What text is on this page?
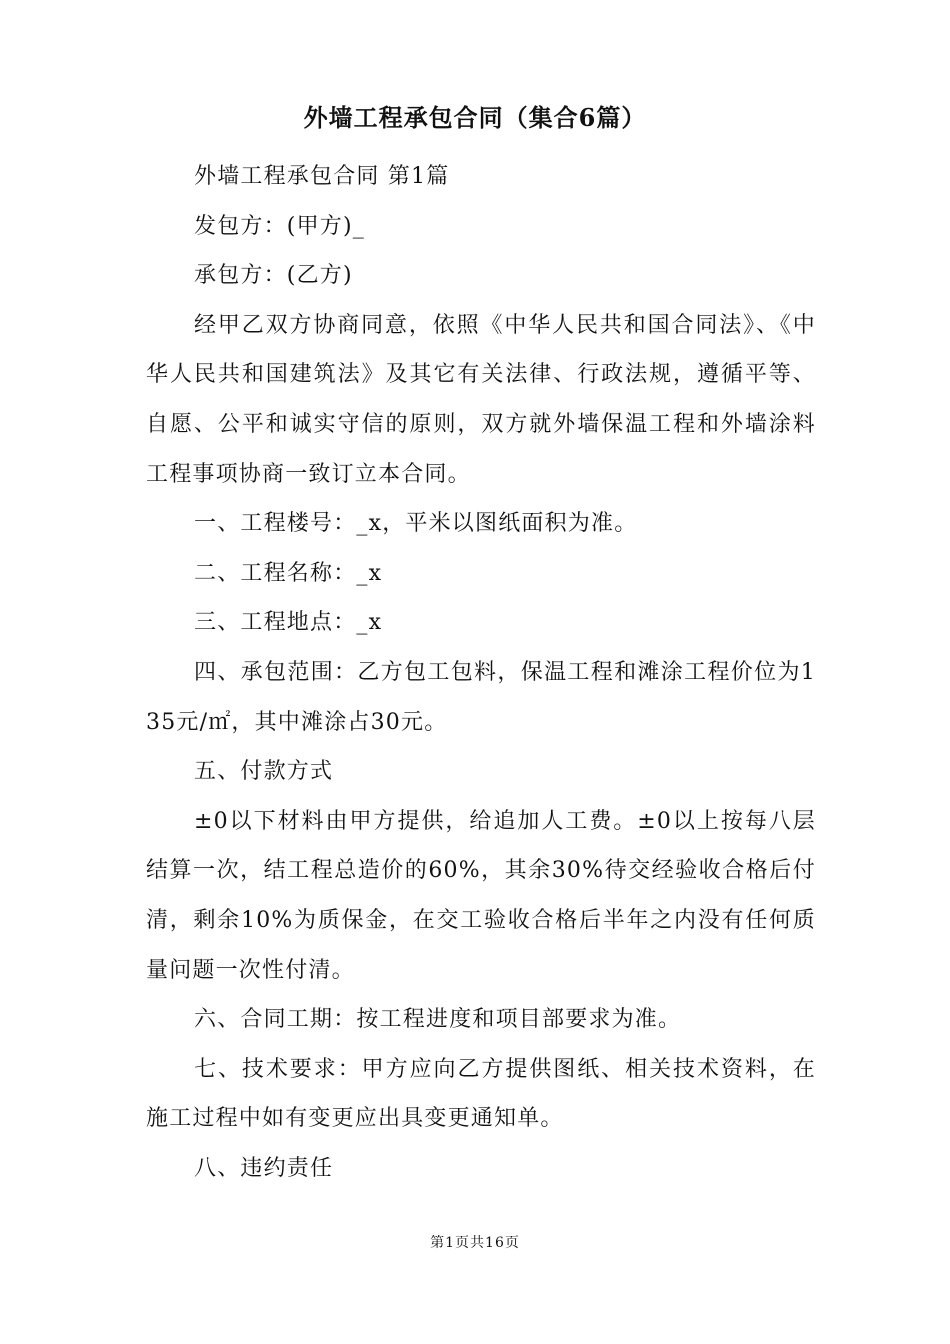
外墙工程承包合同（集合6篇）

外墙工程承包合同 第1篇

发包方：(甲方)_

承包方：(乙方)

经甲乙双方协商同意，依照《中华人民共和国合同法》、《中华人民共和国建筑法》及其它有关法律、行政法规，遵循平等、自愿、公平和诚实守信的原则，双方就外墙保温工程和外墙涂料工程事项协商一致订立本合同。

一、工程楼号：_x，平米以图纸面积为准。

二、工程名称：_x

三、工程地点：_x

四、承包范围：乙方包工包料，保温工程和滩涂工程价位为135元/㎡，其中滩涂占30元。

五、付款方式

±0以下材料由甲方提供，给追加人工费。±0以上按每八层结算一次，结工程总造价的60%，其余30%待交经验收合格后付清，剩余10%为质保金，在交工验收合格后半年之内没有任何质量问题一次性付清。

六、合同工期：按工程进度和项目部要求为准。

七、技术要求：甲方应向乙方提供图纸、相关技术资料，在施工过程中如有变更应出具变更通知单。

八、违约责任

第1页共16页
